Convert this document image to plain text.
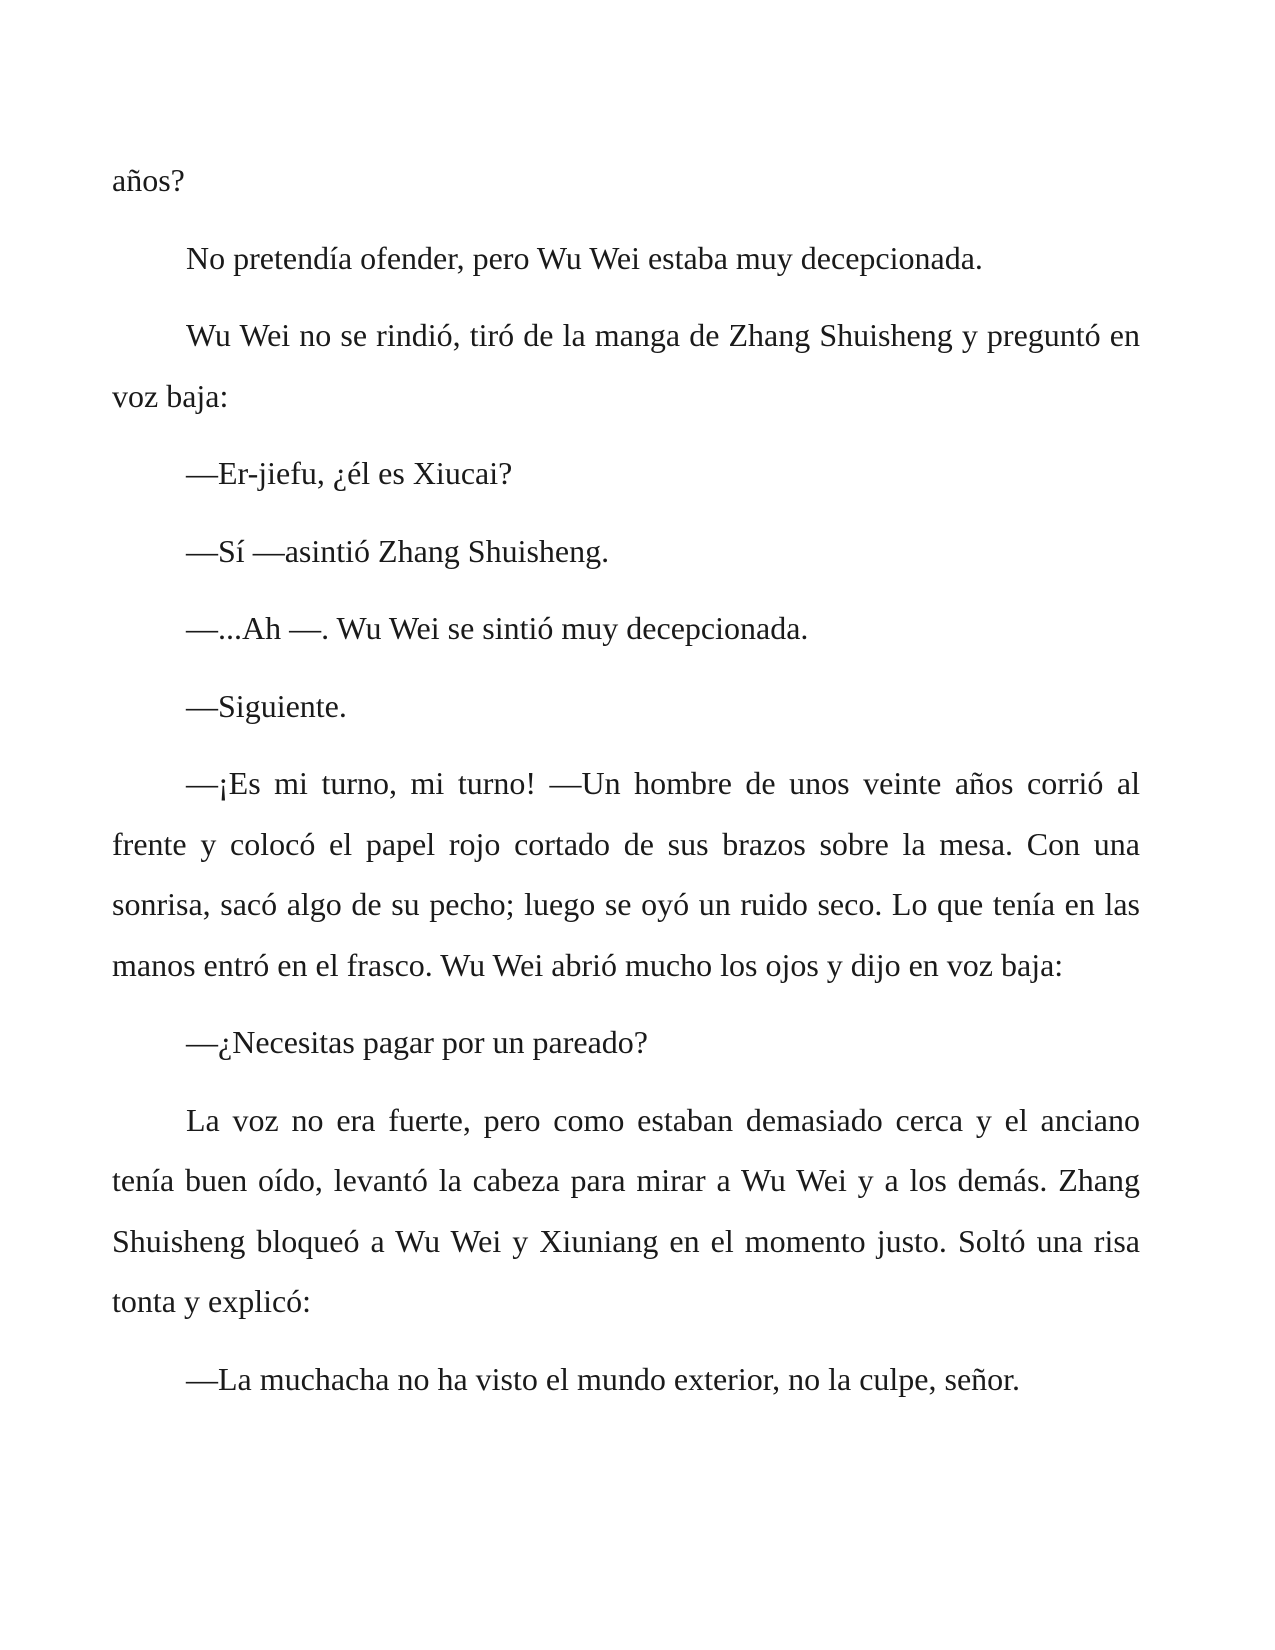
años?

No pretendía ofender, pero Wu Wei estaba muy decepcionada.

Wu Wei no se rindió, tiró de la manga de Zhang Shuisheng y preguntó en voz baja:

—Er-jiefu, ¿él es Xiucai?

—Sí —asintió Zhang Shuisheng.

—...Ah —. Wu Wei se sintió muy decepcionada.

—Siguiente.

—¡Es mi turno, mi turno! —Un hombre de unos veinte años corrió al frente y colocó el papel rojo cortado de sus brazos sobre la mesa. Con una sonrisa, sacó algo de su pecho; luego se oyó un ruido seco. Lo que tenía en las manos entró en el frasco. Wu Wei abrió mucho los ojos y dijo en voz baja:

—¿Necesitas pagar por un pareado?

La voz no era fuerte, pero como estaban demasiado cerca y el anciano tenía buen oído, levantó la cabeza para mirar a Wu Wei y a los demás. Zhang Shuisheng bloqueó a Wu Wei y Xiuniang en el momento justo. Soltó una risa tonta y explicó:

—La muchacha no ha visto el mundo exterior, no la culpe, señor.
